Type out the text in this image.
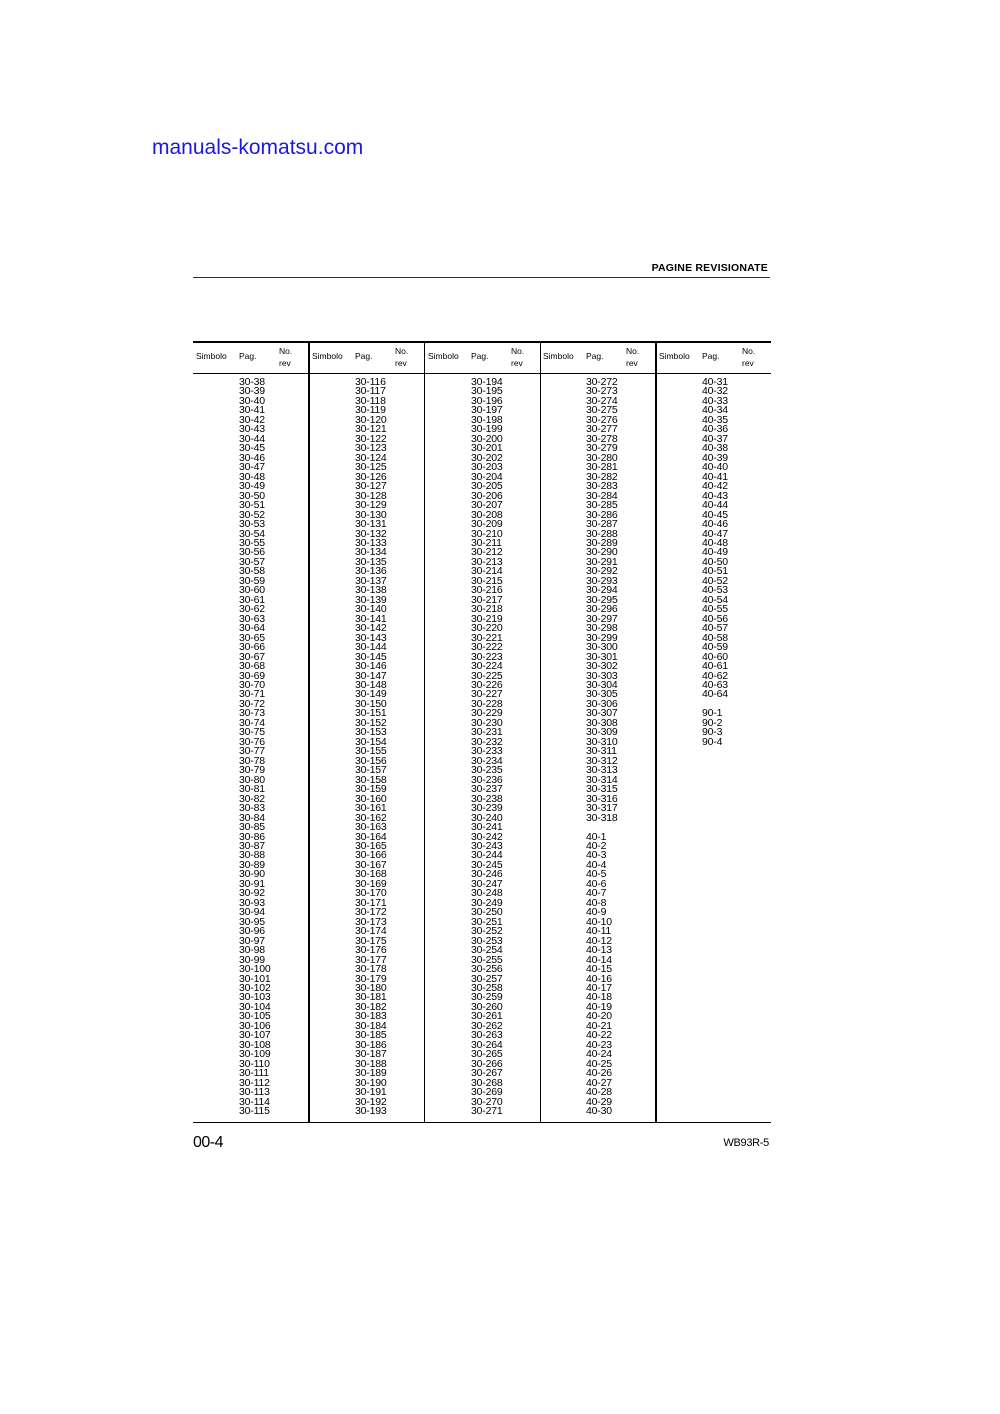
manuals-komatsu.com
PAGINE REVISIONATE
Simbolo Pag.	No.
rev
30-38
30-39
30-40
30-41
30-42
30-43
30-44
30-45
30-46
30-47
30-48
30-49
30-50
30-51
30-52
30-53
30-54
30-55
30-56
30-57
30-58
30-59
30-60
30-61
30-62
30-63
30-64
30-65
30-66
30-67
30-68
30-69
30-70
30-71
30-72
30-73
30-74
30-75
30-76
30-77
30-78
30-79
30-80
30-81
30-82
30-83
30-84
30-85
30-86
30-87
30-88
30-89
30-90
30-91
30-92
30-93
30-94
30-95
30-96
30-97
30-98
30-99
30-100
30-101
30-102
30-103
30-104
30-105
30-106
30-107
30-108
30-109
30-110
30-111
30-112
30-113
30-114
30-115
Simbolo Pag.	No.
rev
30-116
30-117
30-118
30-119
30-120
30-121
30-122
30-123
30-124
30-125
30-126
30-127
30-128
30-129
30-130
30-131
30-132
30-133
30-134
30-135
30-136
30-137
30-138
30-139
30-140
30-141
30-142
30-143
30-144
30-145
30-146
30-147
30-148
30-149
30-150
30-151
30-152
30-153
30-154
30-155
30-156
30-157
30-158
30-159
30-160
30-161
30-162
30-163
30-164
30-165
30-166
30-167
30-168
30-169
30-170
30-171
30-172
30-173
30-174
30-175
30-176
30-177
30-178
30-179
30-180
30-181
30-182
30-183
30-184
30-185
30-186
30-187
30-188
30-189
30-190
30-191
30-192
30-193
Simbolo Pag.	No.
rev
30-194
30-195
30-196
30-197
30-198
30-199
30-200
30-201
30-202
30-203
30-204
30-205
30-206
30-207
30-208
30-209
30-210
30-211
30-212
30-213
30-214
30-215
30-216
30-217
30-218
30-219
30-220
30-221
30-222
30-223
30-224
30-225
30-226
30-227
30-228
30-229
30-230
30-231
30-232
30-233
30-234
30-235
30-236
30-237
30-238
30-239
30-240
30-241
30-242
30-243
30-244
30-245
30-246
30-247
30-248
30-249
30-250
30-251
30-252
30-253
30-254
30-255
30-256
30-257
30-258
30-259
30-260
30-261
30-262
30-263
30-264
30-265
30-266
30-267
30-268
30-269
30-270
30-271
Simbolo Pag.	No.
rev
30-272
30-273
30-274
30-275
30-276
30-277
30-278
30-279
30-280
30-281
30-282
30-283
30-284
30-285
30-286
30-287
30-288
30-289
30-290
30-291
30-292
30-293
30-294
30-295
30-296
30-297
30-298
30-299
30-300
30-301
30-302
30-303
30-304
30-305
30-306
30-307
30-308
30-309
30-310
30-311
30-312
30-313
30-314
30-315
30-316
30-317
30-318
40-1
40-2
40-3
40-4
40-5
40-6
40-7
40-8
40-9
40-10
40-11
40-12
40-13
40-14
40-15
40-16
40-17
40-18
40-19
40-20
40-21
40-22
40-23
40-24
40-25
40-26
40-27
40-28
40-29
40-30
Simbolo Pag.	No.
rev
40-31
40-32
40-33
40-34
40-35
40-36
40-37
40-38
40-39
40-40
40-41
40-42
40-43
40-44
40-45
40-46
40-47
40-48
40-49
40-50
40-51
40-52
40-53
40-54
40-55
40-56
40-57
40-58
40-59
40-60
40-61
40-62
40-63
40-64
90-1
90-2
90-3
90-4
00-4	WB93R-5
